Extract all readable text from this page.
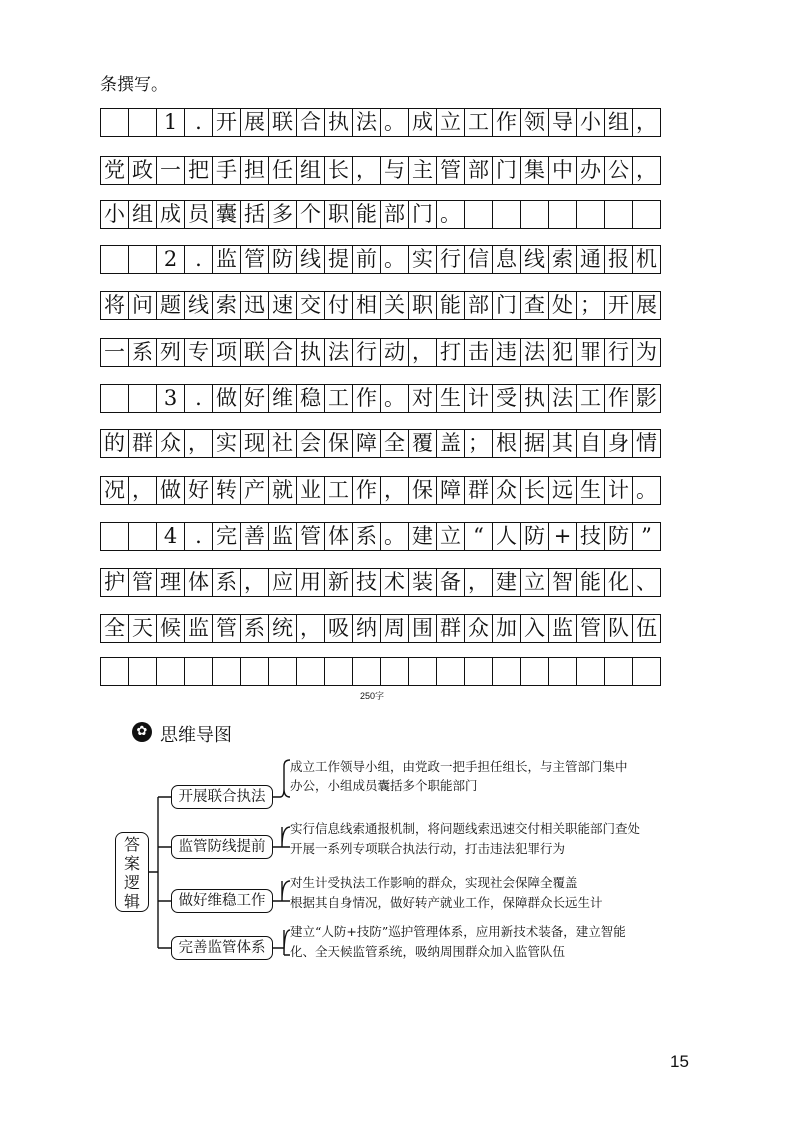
条撰写。
		1	.	开	展	联	合	执	法	。	成	立	工	作	领	导	小	组	，
党	政	一	把	手	担	任	组	长	，	与	主	管	部	门	集	中	办	公	，
小	组	成	员	囊	括	多	个	职	能	部	门	。							
		2	.	监	管	防	线	提	前	。	实	行	信	息	线	索	通	报	机
将	问	题	线	索	迅	速	交	付	相	关	职	能	部	门	查	处	；	开	展
一	系	列	专	项	联	合	执	法	行	动	，	打	击	违	法	犯	罪	行	为
		3	.	做	好	维	稳	工	作	。	对	生	计	受	执	法	工	作	影
的	群	众	，	实	现	社	会	保	障	全	覆	盖	；	根	据	其	自	身	情
况	，	做	好	转	产	就	业	工	作	，	保	障	群	众	长	远	生	计	。
		4	.	完	善	监	管	体	系	。	建	立	“	人	防	+	技	防	”
护	管	理	体	系	，	应	用	新	技	术	装	备	，	建	立	智	能	化	、
全	天	候	监	管	系	统	，	吸	纳	周	围	群	众	加	入	监	管	队	伍

250字
✿ 思维导图
答
案
逻
辑
开展联合执法
监管防线提前
做好维稳工作
完善监管体系
成立工作领导小组，由党政一把手担任组长，与主管部门集中
办公，小组成员囊括多个职能部门
实行信息线索通报机制，将问题线索迅速交付相关职能部门查处
开展一系列专项联合执法行动，打击违法犯罪行为
对生计受执法工作影响的群众，实现社会保障全覆盖
根据其自身情况，做好转产就业工作，保障群众长远生计
建立“人防+技防”巡护管理体系，应用新技术装备，建立智能
化、全天候监管系统，吸纳周围群众加入监管队伍
15
